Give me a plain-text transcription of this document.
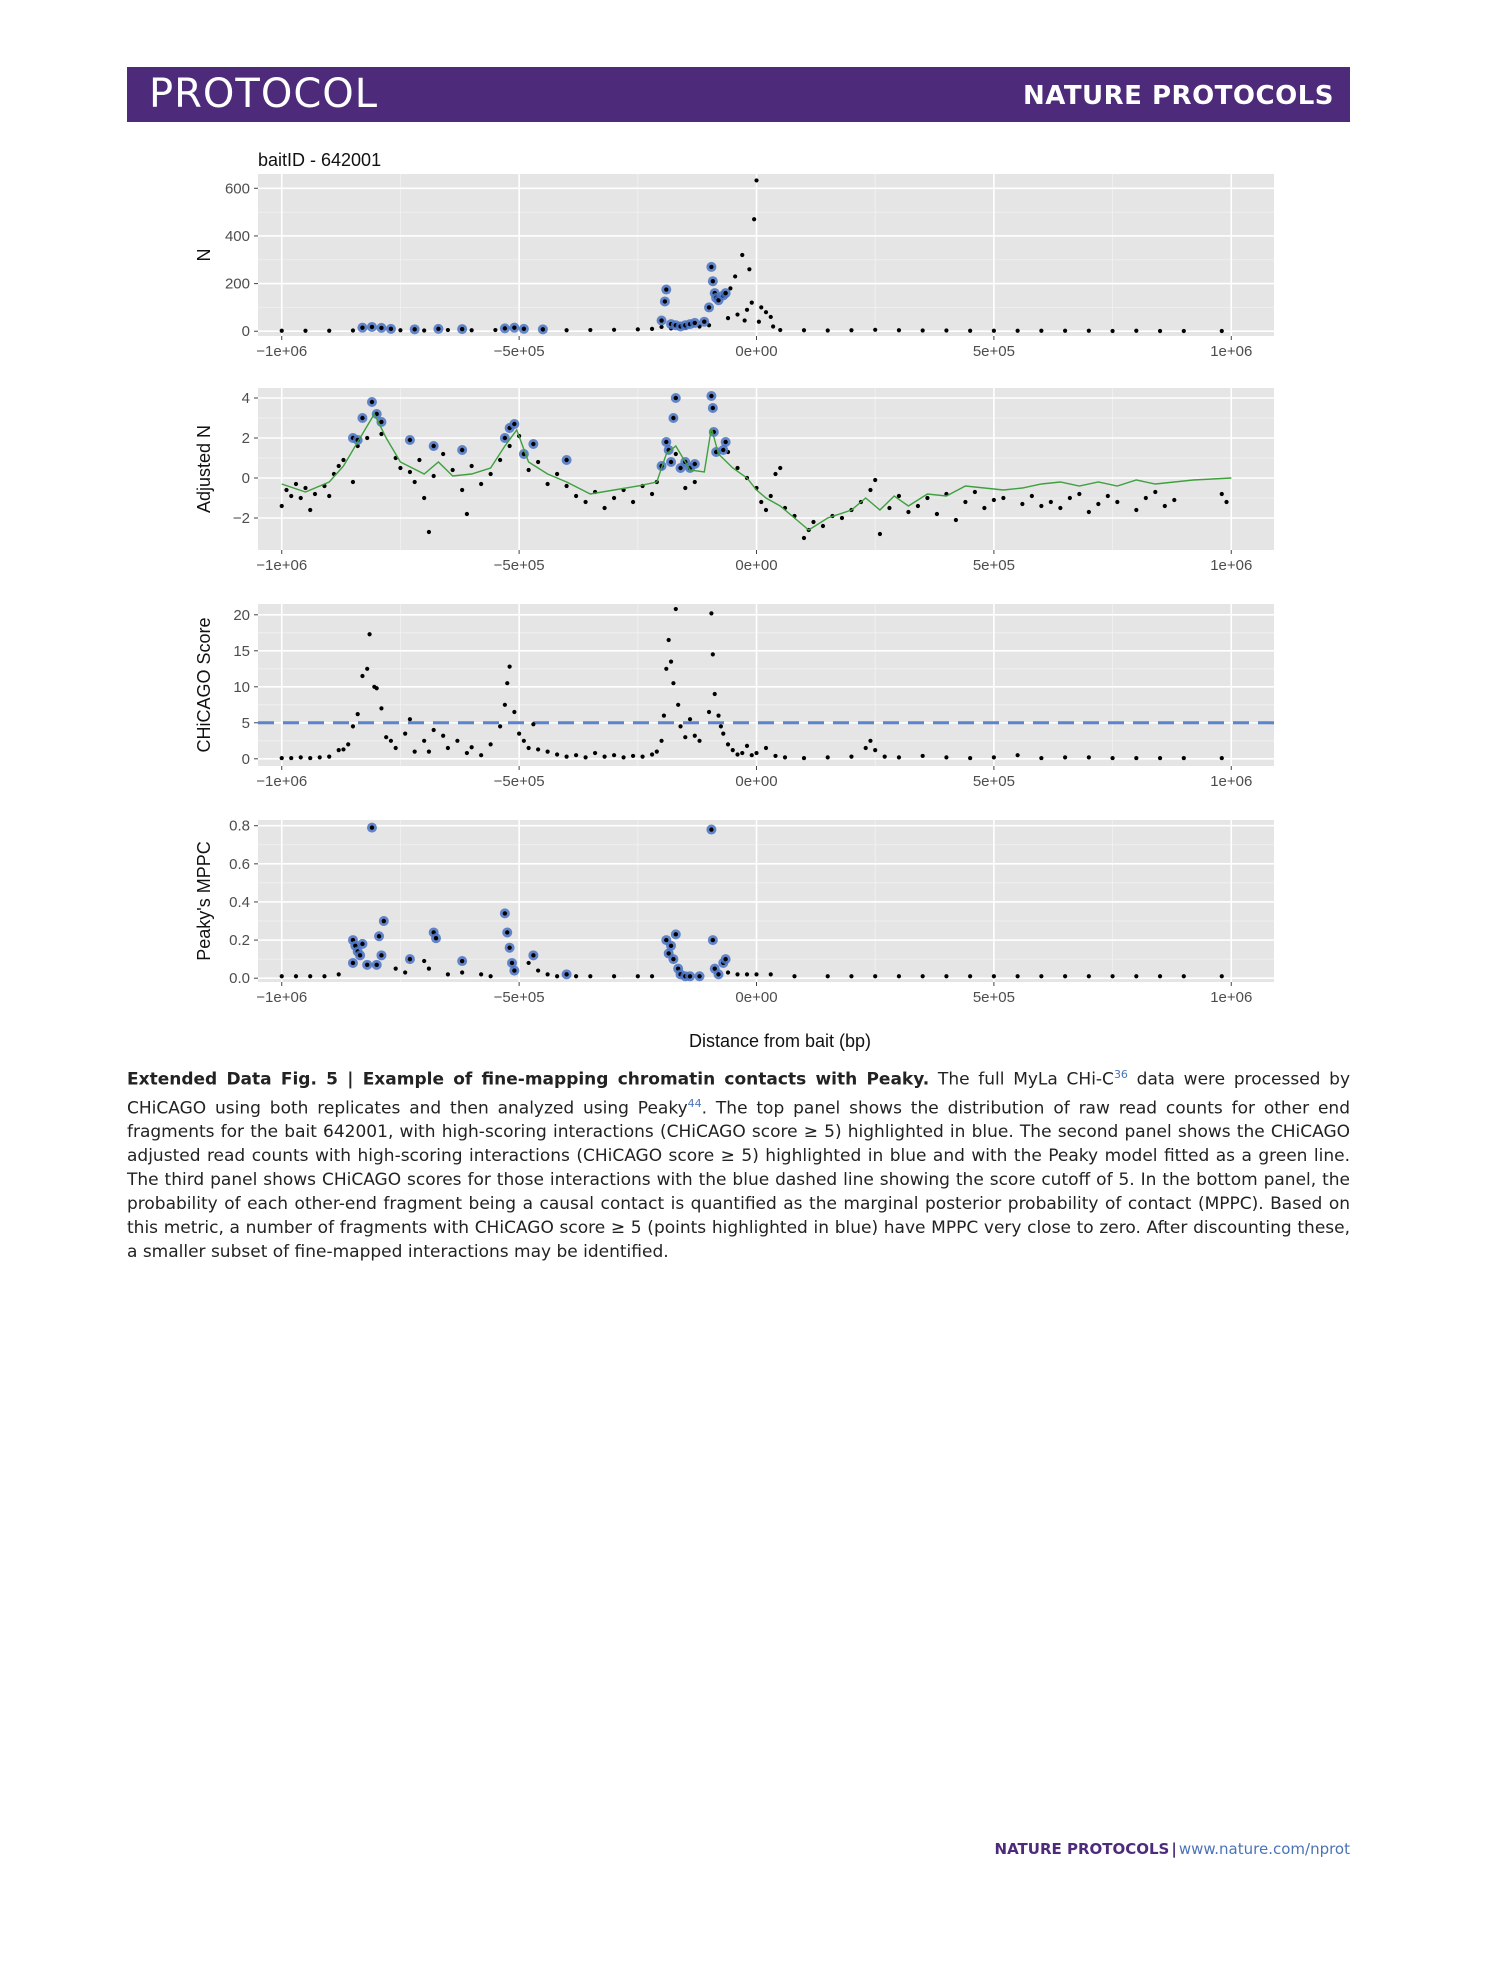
PROTOCOL	NATURE PROTOCOLS
baitID - 642001
−1e+06	−5e+05	0e+00	5e+05	1e+06
0
200
400
600
N
−1e+06	−5e+05	0e+00	5e+05	1e+06
−2
0
2
4
Adjusted N
−1e+06	−5e+05	0e+00	5e+05	1e+06
0
5
10
15
20
CHiCAGO Score
−1e+06	−5e+05	0e+00	5e+05	1e+06
0.0
0.2
0.4
0.6
0.8
Peaky's MPPC
Distance from bait (bp)
Extended Data Fig. 5 | Example of fine-mapping chromatin contacts with Peaky. The full MyLa CHi-$C^{36}$ data were processed by CHiCAGO using both replicates and then analyzed using Peaky$^{44}$. The top panel shows the distribution of raw read counts for other end fragments for the bait 642001, with high-scoring interactions (CHiCAGO score ≥ 5) highlighted in blue. The second panel shows the CHiCAGO adjusted read counts with high-scoring interactions (CHiCAGO score ≥ 5) highlighted in blue and with the Peaky model fitted as a green line. The third panel shows CHiCAGO scores for those interactions with the blue dashed line showing the score cutoff of 5. In the bottom panel, the probability of each other-end fragment being a causal contact is quantified as the marginal posterior probability of contact (MPPC). Based on this metric, a number of fragments with CHiCAGO score ≥ 5 (points highlighted in blue) have MPPC very close to zero. After discounting these, a smaller subset of fine-mapped interactions may be identified.
NATURE PROTOCOLS | www.nature.com/nprot
